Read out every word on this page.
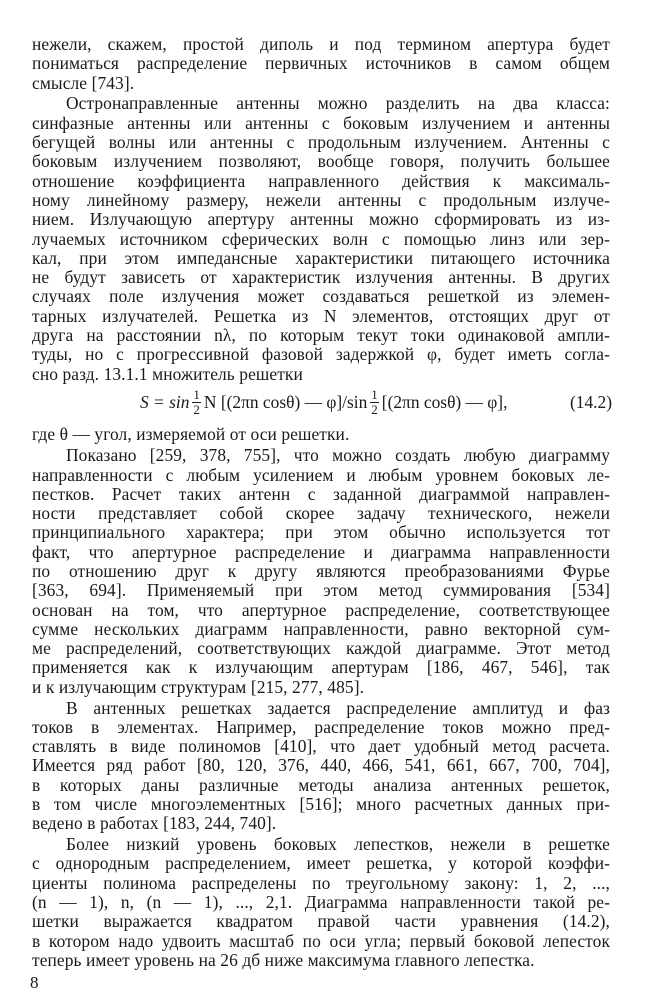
нежели, скажем, простой диполь и под термином апертура будет
пониматься распределение первичных источников в самом общем
смысле [743].
Остронаправленные антенны можно разделить на два класса:
синфазные антенны или антенны с боковым излучением и антенны
бегущей волны или антенны с продольным излучением. Антенны с
боковым излучением позволяют, вообще говоря, получить большее
отношение коэффициента направленного действия к максималь-
ному линейному размеру, нежели антенны с продольным излуче-
нием. Излучающую апертуру антенны можно сформировать из из-
лучаемых источником сферических волн с помощью линз или зер-
кал, при этом импедансные характеристики питающего источника
не будут зависеть от характеристик излучения антенны. В других
случаях поле излучения может создаваться решеткой из элемен-
тарных излучателей. Решетка из N элементов, отстоящих друг от
друга на расстоянии nλ, по которым текут токи одинаковой ампли-
туды, но с прогрессивной фазовой задержкой φ, будет иметь согла-
сно разд. 13.1.1 множитель решетки
$S = \sin \frac{1}{2}$ N [(2πn cosθ) — $\varphi]/\sin \frac{1}{2} [(2\pi n$ cosθ) — φ],	(14.2)
где θ — угол, измеряемой от оси решетки.
Показано [259, 378, 755], что можно создать любую диаграмму
направленности с любым усилением и любым уровнем боковых ле-
пестков. Расчет таких антенн с заданной диаграммой направлен-
ности представляет собой скорее задачу технического, нежели
принципиального характера; при этом обычно используется тот
факт, что апертурное распределение и диаграмма направленности
по отношению друг к другу являются преобразованиями Фурье
[363, 694]. Применяемый при этом метод суммирования [534]
основан на том, что апертурное распределение, соответствующее
сумме нескольких диаграмм направленности, равно векторной сум-
ме распределений, соответствующих каждой диаграмме. Этот метод
применяется как к излучающим апертурам [186, 467, 546], так
и к излучающим структурам [215, 277, 485].
В антенных решетках задается распределение амплитуд и фаз
токов в элементах. Например, распределение токов можно пред-
ставлять в виде полиномов [410], что дает удобный метод расчета.
Имеется ряд работ [80, 120, 376, 440, 466, 541, 661, 667, 700, 704],
в которых даны различные методы анализа антенных решеток,
в том числе многоэлементных [516]; много расчетных данных при-
ведено в работах [183, 244, 740].
Более низкий уровень боковых лепестков, нежели в решетке
с однородным распределением, имеет решетка, у которой коэффи-
циенты полинома распределены по треугольному закону: 1, 2, ...,
(n — 1), n, (n — 1), ..., 2,1. Диаграмма направленности такой ре-
шетки выражается квадратом правой части уравнения (14.2),
в котором надо удвоить масштаб по оси угла; первый боковой лепесток
теперь имеет уровень на 26 дб ниже максимума главного лепестка.
8
